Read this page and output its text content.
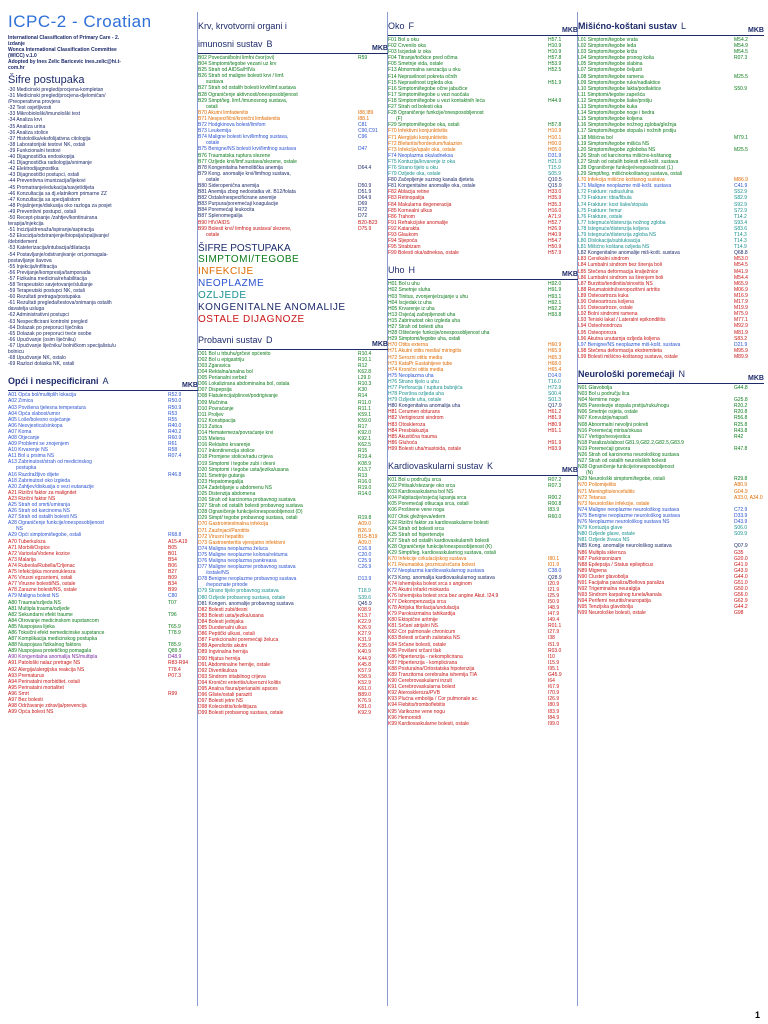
ICPC-2 - Croatian
International Classification of Primary Care - 2.
izdanje
Wonca International Classification Committee
(WICC) v.1.0
Adopted by Ines Zelic Baricevic ines.zelic@hi.t-
com.hr
Šifre postupaka
-30 Medicinski pregled/procjena-kompletan
-31 Medicinski pregled/procjena-djelomičan/
/Preoperativna provjera
-32 Test osjetljivosti
-33 Mikrobiološki/imunološki test
-34 Analiza krvi
-35 Analiza urina
-36 Analiza stolice
-37 Histološka/eksfolijativna citologija
-38 Laboratorijski testovi NK, ostali
-39 Funkcionalni testovi
-40 Dijagnostička endoskopija
-41 Dijagnostička radiologija/snimanje
-42 Elektrodijagnostika
-43 Dijagnostički postupci, ostali
-44 Preventivna imunizacija/lijekovi
-45 Promatranje/edukacija/savjet/dijeta
-46 Konzultacija sa dj.elatnikom primarne ZZ
-47 Konzultacija sa specijalistom
-48 Pojašnjenje/diskusija oko razloga za posjet
-49 Preventivni postupci, ostali
-50 Recept-pisanje /zahtjev/kontinuirana
terapija/injekcija
-51 Incizija/drenaža/ispiranje/aspiracija
-52 Ekscizija/odstranjenje/biopsija/spaljivanje/
/debridement
-53 Kateterizacija/intubacija/dilatacija
-54 Postavljanje/odstranjivanje ort.pomagala-
postavljanje šavova
-55 Injekcija/infiltracija
-56 Previjanje/kompresija/tamponada
-57 Fizikalna medicina/rehabilitacija
-58 Terapeutsko savjetovanje/slušanje
-59 Terapeutski postupci NK, ostali
-60 Rezultati pretraga/postupaka
-61 Rezultati pregleda/testova/snimanja ostalih
davatelja usluga
-62 Administrativni postupci
-63 Nespecificirani kontrolni pregled
-64 Dolazak po preporuci liječnika
-65 Dolazak po preporuci treće osobe
-66 Upućivanje (osim liječniku)
-67 Upućivanje liječniku/ bolničkom specijalistu/u
bolnicu
-68 Upućivanje NK, ostalo
-69 Razlozi dolaska NK, ostali
Opći i nespecificirani A	MKB
A01 Opća bol/multiplih lokacija	R52.9
A02 Zimica	R50.0
A03 Povišena tjelesna temperatura	R50.9
A04 Opća slabost/umor	R53
A05 Loše/bolesno osjećanje	R55
A06 Nesvjestica/sinkopa	R40.0
A07 Koma	R40.2
A08 Otjecanje	R60.9
A09 Problemi se znojenjem	R61
A10 Krvarenje NS	R58
A11 Bol u prsima NS	R07.4
A13 Zabrinutost/strah od medicinskog
postupka
A16 Razdražljivo dijete	R46.8
A18 Zabrinutost oko izgleda
A20 Zahtjev/diskusija o vezi eutanazije
A21 Rizični faktor za malignitet
A23 Rizični faktor NS
A25 Strah od smrti/umiranja
A26 Strah od karcinoma NS
A27 Strah od ostalih bolesti NS
A28 Ograničenje funkcije/onesposobljenost
NS
A29 Opći simptomi/tegobe, ostali	R68.8
A70 Tuberkuloza	A15-A19
A71 Morbili/Ospice	B05
A72 Varicela/Vodene kozice	B01
A73 Malarija	B54
A74 Rubeola/Rubella/Crljenac	B06
A75 Infekcijska mononukleoza	B27
A76 Virusni egzantemi, ostali	B09
A77 Virusne bolesti/NS, ostale	B34
A78 Zarazne bolesti/NS, ostale	B99
A79 Maligna bolest NS	C80
A80 Trauma/ozljeda NS	T07
A81 Multipla trauma/ozljede
A82 Sekundarni efekt traume	T96
A84 Otrovanje medicinskom supstancom
A85 Nuspojava lijeka	T65.9
A86 Toksični efekt nemedicinske supstance	T78.9
A87 Komplikacija medicinskog postupka
A88 Nuspojava fizikalnog faktora	T85.9
A89 Nuspojava protetičkog pomagala	Q89.9
A90 Kongenitalna anomalija NS/multipla	D48.9
A91 Patološki nalaz pretrage NS	R83-R94
A92 Alergija/alergijska reakcija NS	T78.4
A93 Prematurus	P07.3
A94 Perinatalni morbiditet, ostali
A95 Perinatalni mortalitet
A96 Smrt	R99
A97 Bez bolesti
A98 Održavanje zdravlja/prevencija
A99 Opća bolest NS
Krv, krvotvorni organi i
imunosni sustav B	MKB
B02 Povećani/bolni limfni čvor(ovi)	R59
B04 Simptomi/tegobe vezani uz krv
B25 Strah od AIDSa/HIVa
B26 Strah od maligne bolesti krvi / limf.
sustava
B27 Strah od ostalih bolesti krvi/limf.sustava
B28 Ograničenje aktivnosti/onesposobljenost
B29 Simpt/teg. limf./imunosnog sustava,
ostali
B70 Akutni limfadenitis	I88,I89
B71 Nespecifični/kronični limfadenitis	I88.1
B72 Hodgkinova bolest/limfom	C81
B73 Leukemija	C90,C91
B74 Maligne bolesti krvi/limfnog sustava,	C96
ostale
B75 Benigne/NS bolesti krvi/limfnog sustava	D47
B76 Traumatska ruptura slezene
B77 Ozljede krvi/limf.sustava/slezene, ostale
B78 Kongenitalna hemolitička anemija	D64.4
B79 Kong. anomalije krvi/limfnog sustava,
ostale
B80 Sideropenična anemija	D50.9
B81 Anemija zbog nedostatka vit. B12/folata	D51.9
B82 Ostale/nespecificirane anemije	D64.9
B83 Purpura/poremećaji koagulacije	D69
B84 Poremećaji leukocita	R72
B87 Splenomegalija	D72
B90 HIV/AIDS	B20-B23
B99 Bolesti krvi/ limfnog sustava/ slezene,	D75.9
ostale
ŠIFRE POSTUPAKA
SIMPTOMI/TEGOBE
INFEKCIJE
NEOPLAZME
OZLJEDE
KONGENITALNE ANOMALIJE
OSTALE DIJAGNOZE
Probavni sustav D	MKB
D01 Bol u trbuhu/grčevi općenito	R10.4
D02 Bol u epigastriju	R10.1
D03 Žgaravica	R12
D04 Rektalna/analna bol	K62.8
D05 Perianalni svrbež	L29.0
D06 Lokalizirana abdominalna bol, ostala	R10.3
D07 Dispepsija	K30
D08 Flatulencija/plinovi/podrigivanje	R14
D09 Mučnina	R11.0
D10 Povraćanje	R11.1
D11 Proljev	K59.1
D12 Konstipacija	K59.0
D13 Žutica	R17
D14 Hematemeza/povraćanje krvi	K92.0
D15 Melena	K92.1
D16 Rektalno krvarenje	K62.5
D17 Inkontinencija stolice	R15
D18 Promjene stolice/radu crijeva	R19.4
D19 Simptomi i tegobe zubi i desni	K08.9
D20 Simptomi i tegobe usta/jezika/usana	K13.7
D21 Smetnje gutanja	R13
D23 Hepatomegalija	R16.0
D24 Zadebljanje u abdomenu NS	R19.0
D25 Distenzija abdomena	R14.0
D26 Strah od karcinoma probavnog sustava
D27 Strah od ostalih bolesti probavnog sustava
D28 Ograničenje funkcije/onesposobljenost (D)
D29 Simpt/ tegobe probavnog sustava, ostali	R19.8
D70 Gastrointestinalna infekcija	A09.0
D71 Zaušnjaci/Parotitis	B26.9
D72 Virusni hepatitis	B15-B19
D73 Gastroenteritis vjerojatno infektivni	A09.0
D74 Maligna neoplazma želuca	C16.9
D75 Maligne neoplazme kolona/rektuma	C20.0
D76 Maligna neoplazma pankreasa	C25.9
D77 Maligne neoplazme probavnog sustava	C26.9
/ostale/NS
D78 Benigne neoplazme probavnog sustava	D13.9
/nepoznate prirode
D79 Strano tijelo probavnog sustava	T18.9
D80 Ozljede probavnog sustava, ostale	S39.6
D81 Kongen. anomalije probavnog sustava	Q45.9
D82 Bolesti zubi/desni	K08.9
D83 Bolesti usta/jezika/usana	K13.7
D84 Bolesti jednjaka	K22.9
D85 Duodenalni ulkus	K26.9
D86 Peptički ulkusi, ostali	K27.9
D87 Funkcionalni poremećaji želuca	K31.9
D88 Apendicitis akutni	K35.9
D89 Ingvinalna hernija	K40.9
D90 Hijatus hernija	K44.9
D91 Abdominalne hernije, ostale	K45.8
D92 Divertikuloza	K57.9
D93 Sindrom iritabilnog crijeva	K58.9
D94 Kronični enteritis/ulcerozni kolitis	K52.9
D95 Analna fisura/perianalni apsces	K61.0
D96 Gliste/ostali paraziti	B89.0
D97 Bolesti jetre NS	K76.9
D98 Kolecistitis/kolelitijaza	K81.0
D99 Bolesti probavnog sustava, ostale	K92.9
Oko F	MKB
F01 Bol u oku	H57.1
F02 Crvenilo oka	H10.9
F03 Iscjedak iz oka	H10.9
F04 Titranje/točkice pred očima	H57.8
F05 Smetnje vida, ostale	H53.9
F13 Abnormalna senzacija u oku	H52.5
F14 Nepravilnost pokreta očnih
F15 Nepravilnost izgleda oka	H51.9
F16 Simptomi/tegobe očne jabučice
F17 Simptomi/tegobe u vezi naočala
F18 Simptomi/tegobe u vezi kontaktnih leća	H44.9
F27 Strah od bolesti oka
F28 Ograničenje funkcije/onesposobljenost
(F)
F29 Simptomi/tegobe oka, ostali	H57.8
F70 Infektivni konjunktivitis	H10.9
F71 Alergijski konjunktivitis	H10.1
F72 Blefaritis/hordeolum/halazion	H00.0
F73 Infekcije/upale oka, ostale	H05.0
F74 Neoplazma oka/adneksa	D31.9
F75 Kontuzija/krvarenje iz oka	H21.0
F76 Strano tijelo u oku	T15.9
F79 Ozljede oka, ostale	S05.9
F80 Začepljenje suznog kanala djeteta	Q10.5
F81 Kongenitalne anomalije oka, ostale	Q15.9
F82 Ablacija retine	H33.0
F83 Retinopatija	H35.9
F84 Makularna degeneracija	H35.3
F85 Kornealni ulkus	H16.0
F86 Trahom	A71.9
F91 Refrakcijske anomalije	H52.7
F92 Katarakta	H26.9
F93 Glaukom	H40.9
F94 Sljepoća	H54.7
F95 Strabizam	H50.9
F99 Bolesti oka/adneksa, ostale	H57.9
Uho H	MKB
H01 Bol u uhu	H92.0
H02 Smetnje sluha	H91.9
H03 Tinitus, zvonjenje/zujanje u uhu	H93.1
H04 Iscjedak iz uha	H92.1
H05 Krvarenje iz uha	H92.2
H13 Osjećaj začepljenosti uha	H93.8
H15 Zabrinutost oko izgleda uha
H27 Strah od bolesti uha
H28 Oštećenje funkcije/onesposobljenost uha
H29 Simptomi/tegobe uha, ostali
H70 Otitis externa	H60.9
H71 Akutni otitis media/ miringitis	H65.9
H72 Serozni otitis media	H65.3
H73 KataPr Eustahijeve tube	H68.0
H74 Kronični otitis media	H65.4
H75 Neoplazma uha	D14.0
H76 Strano tijelo u uhu	T16.0
H77 Perforacija / ruptura bubnjića	H72.9
H78 Površna ozljeda uha	S00.4
H79 Ozljede uha, ostale	S01.3
H80 Kongenitalna anomalija uha	Q17.9
H81 Cerumen obturans	H61.2
H82 Vertiginozni sindrom	H81.9
H83 Otoskleroza	H80.9
H84 Presbiakuzija	H91.1
H85 Akustična trauma
H86 Gluhoća	H91.9
H99 Bolesti uha/mastoida, ostale	H93.9
Kardiovaskularni sustav K	MKB
K01 Bol u području srca	R07.2
K02 Pritisak/stezanje oko srca	R07.3
K03 Kardiovaskularna bol NS
K04 Palpitacije/osjećaj lupanja srca	R00.2
K05 Poremećaji otkucaja srca, ostali	R00.8
K06 Proširene vene nogu	I83.9
K07 Otok gležnjeva/edem	R60.0
K22 Rizični faktor za kardiovaskularne bolesti
K24 Strah od bolesti srca
K25 Strah od hipertenzije
K27 Strah od ostalih kardiovaskularnih bolesti
K28 Ograničenje funkcije/onesposobljenost (K)
K29 Simpt/teg. kardiovaskularnog sustava, ostali
K70 Infekcije cirkulacijskog sustava	I80.1
K71 Reumatska groznica/srčana bolest	I01.9
K72 Neoplazma kardiovaskularnog sustava	C38.0
K73 Kong. anomalija kardiovaskularnog sustava	Q28.9
K74 Ishemijska bolest srca s anginom	I20.9
K75 Akutni infarkt miokarda	I21.9
K76 Ishemijska bolest srca bez angine Akut. I24.9	I25.9
K77 Dekompenzacija srca	I50.9
K78 Atrijska fibrilacija/undulacija	I48.9
K79 Paroksizmalna tahikardija	I47.9
K80 Ektopične aritmije	I49.4
K81 Srčani atrijalni NS	R01.1
K82 Cor pulmonale chronicum	I27.9
K83 Bolesti srčanih zalistaka NS	I38
K84 Srčane bolesti, ostale	I51.9
K85 Povišeni srčani tlak	R03.0
K86 Hipertenzija - nekomplicirana	I10
K87 Hipertenzija - komplicirana	I15.9
K88 Posturalna/Ortostatska hipotenzija	I95.1
K89 Tranzitorna cerebralna ishemija TIA	G45.9
K90 Cerebrovaskularni inzult	I64
K91 Cerebrovaskularna bolest	I67.9
K92 Ateroskleroza/PVB	I70.9
K93 Plućna embolija / Cor pulmonale ac.	I26.9
K94 Flebitis/tromboflebitis	I80.9
K95 Varikozne vene nogu	I83.9
K96 Hemoroidi	I84.9
K99 Kardiovaskularne bolesti, ostale	I99.0
Mišićno-koštani sustav L	MKB
L01 Simptomi/tegobe vrata	M54.2
L02 Simptomi/tegobe leđa	M54.9
L03 Simptomi/tegobe križa	M54.5
L04 Simptomi/tegobe prsnog koša	R07.3
L05 Simptomi/tegobe slabina
L07 Simptomi/tegobe čeljusti
L08 Simptomi/tegobe ramena	M25.5
L09 Simptomi/tegobe ruke/nadlaktice
L10 Simptomi/tegobe lakta/podlaktice	S50.9
L11 Simptomi/tegobe zapešća
L12 Simptomi/tegobe šake/prstiju
L13 Simptomi/tegobe kuka
L14 Simptomi/tegobe noge i bedra
L15 Simptomi/tegobe koljena
L16 Simptomi/tegobe nožnog zgloba/gležnja
L17 Simptomi/tegobe stopala i nožnih prstiju
L18 Mišićna bol	M79.1
L19 Simptomi/tegobe mišića NS
L20 Simptomi/tegobe zgloboba NS	M25.5
L26 Strah od karcinoma mišićno-koštanog
L27 Strah od ostalih bolesti miš-košt. sustava
L28 Ograničenje funkcije/nesposobnost (L)
L29 Simpt/teg. mišićnokoštanog sustava, ostali
L70 Infekcija mišićno koštanog sustava	M86.9
L71 Maligne neoplazme miš-košt. sustava	C41.9
L72 Frakture: radius/ulna	S52.9
L73 Frakture: tibia/fibula	S82.9
L74 Frakture: kost šake/stopala	S92.9
L75 Frakture: femur	S72.9
L76 Frakture, ostale	T14.2
L77 Istegnuće/distenzija nožnog zgloba	S93.4
L78 Istegnuće/distenzija koljena	S83.6
L79 Istegnuće/distenzija zgloba NS	T14.3
L80 Dislokacija/subluksacija	T14.3
L81 Mišićno koštana ozljeda NS	T14.9
L82 Kongenitalne anomalije miš-košt. sustava	Q68.8
L83 Cervikalni sindrom	M53.0
L84 Lumbalni sindrom bez širenja boli	M54.5
L85 Stečena deformacija kralježnice	M41.9
L86 Lumbalni sindrom sa širenjem boli	M54.4
L87 Burzitis/tendinitis/sinovitis NS	M65.9
L88 Reumatoidni/seropozitivni artritis	M06.9
L89 Osteoartroza kuka	M16.9
L90 Osteoartroza koljena	M17.9
L91 Osteoartroze, ostale	M19.9
L92 Bolni sindromi ramena	M75.9
L93 Teniski lakat / Lateralni epikondilitis	M77.1
L94 Osteohondroza	M92.9
L95 Osteoporoza	M81.9
L96 Akutna unutarnja ozljeda koljena	S83.2
L97 Benigne/NS neoplazme miš-košt. sustava	D21.9
L98 Stečena deformacija ekstremiteta	M95.9
L99 Bolesti mišićno-koštanog sustava, ostale	M89.9
Neurološki poremećaji N	MKB
N01 Glavobolja	G44.8
N03 Bol u području lica
N04 Nemirne noge	G25.8
N05 Parestezije stopala prstiju/ruku/nogu	R20.2
N06 Smetnje osjeta, ostale	R20.8
N07 Konvulzije/napadi	R56.8
N08 Abnormalni nevoljni pokreti	R25.8
N16 Poremećaj mirisa/okusa	R43.8
N17 Vertigo/nesvjestica	R42
N18 Paraliza/slabost G81.9,G82.2,G82.5,G83.9
N19 Poremećaji govora	R47.8
N26 Strah od karcinoma neurološkog sustava
N27 Strah od ostalih neuroloških bolesti
N28 Ograničenje funkcije/onesposobljenost
(N)
N29 Neurološki simptomi/tegobe, ostali	R29.8
N70 Poliomijelitis	A80.9
N71 Meningitis/encefalitis	G04.9
N72 Tetanus	A33.0, A34.0
N73 Neurološke infekcije, ostale
N74 Maligne neoplazme neurološkog sustava	C72.9
N75 Benigne neoplazme neurološkog sustava	D33.9
N76 Neoplazme neurološkog sustava NS	D43.9
N79 Kontuzija glave	S06.0
N80 Ozljede glave, ostale	S09.9
N81 Ozljede živaca NS
N85 Kong. anomalije neurološkog sustava	Q07.9
N86 Multipla skleroza	G35
N87 Parkinsonizam	G20.0
N88 Epilepsija / Status epilepticus	G41.9
N89 Migrena	G43.9
N90 Cluster glavobolja	G44.0
N91 Facijalna paraliza/Bellova paraliza	G51.0
N92 Trigeminalna neuralgija	G50.0
N93 Sindrom karpalnog tunela/kanala	G56.0
N94 Periferni neuritis/neuropatija	G62.9
N95 Tenzijska glavobolja	G44.2
N99 Neurološke bolesti, ostale	G98
1
